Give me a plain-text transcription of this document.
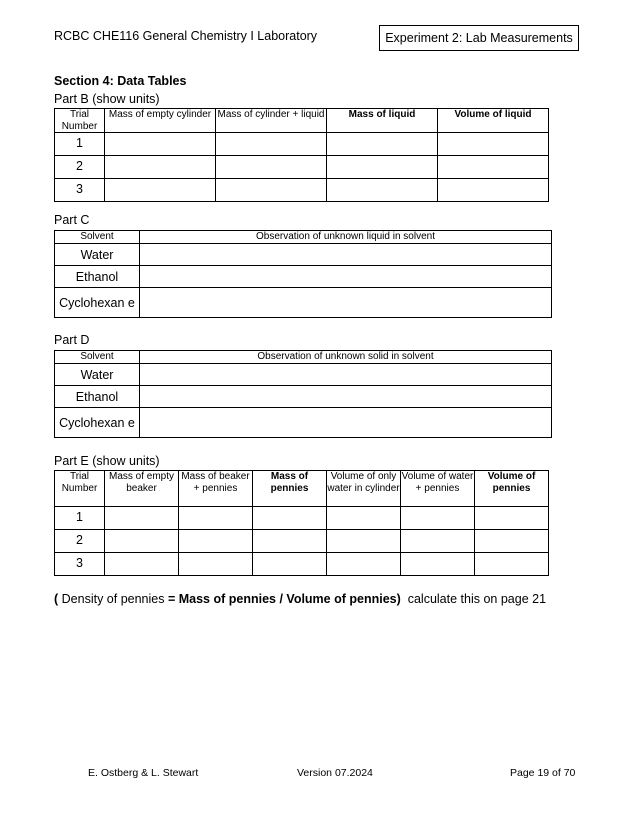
RCBC CHE116 General Chemistry I Laboratory	Experiment 2: Lab Measurements
Section 4: Data Tables
Part B (show units)
Trial Number	Mass of empty cylinder	Mass of cylinder + liquid	Mass of liquid	Volume of liquid
1				
2				
3				
Part C
Solvent	Observation of unknown liquid in solvent
Water	
Ethanol	
Cyclohexan e	
Part D
Solvent	Observation of unknown solid in solvent
Water	
Ethanol	
Cyclohexan e	
Part E (show units)
Trial Number	Mass of empty beaker	Mass of beaker + pennies	Mass of pennies	Volume of only water in cylinder	Volume of water + pennies	Volume of pennies
1						
2						
3						
( Density of pennies = Mass of pennies / Volume of pennies)  calculate this on page 21
E. Ostberg & L. Stewart	Version 07.2024	Page 19 of 70
